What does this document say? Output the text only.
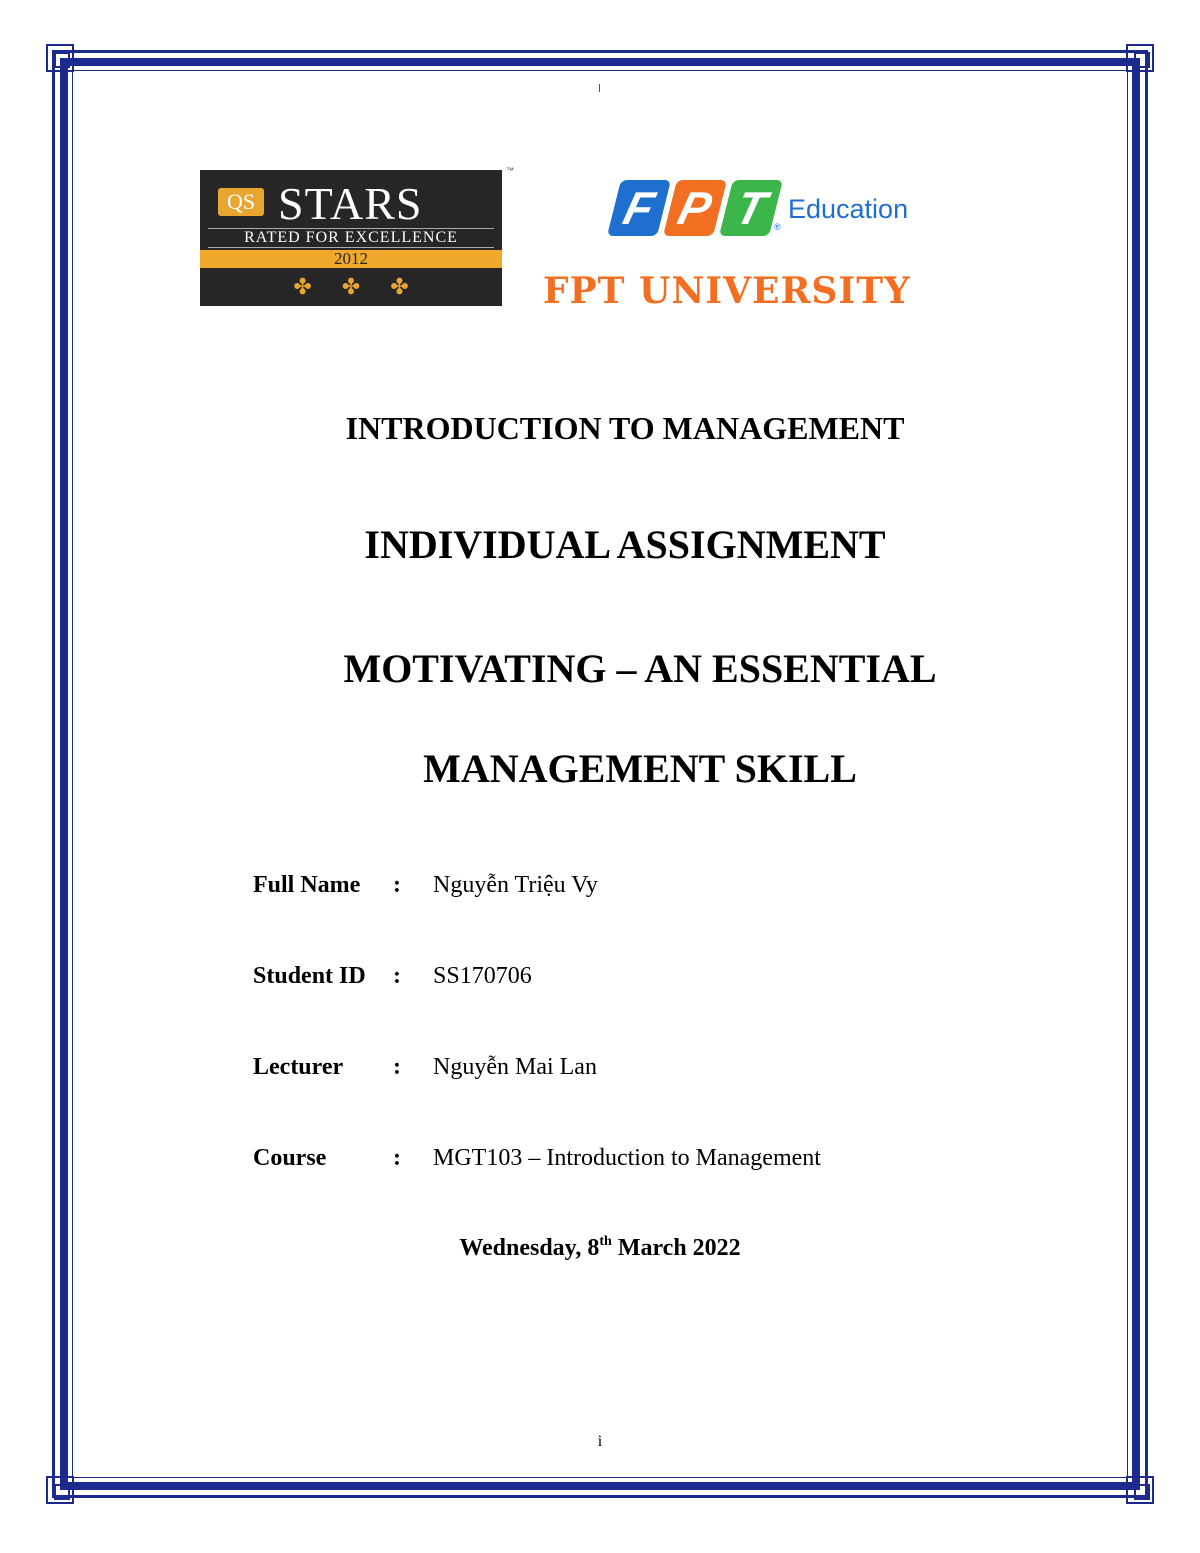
QS STARS
RATED FOR EXCELLENCE
2012
✤✤✤
™
F P T ®
Education
FPT UNIVERSITY
INTRODUCTION TO MANAGEMENT
INDIVIDUAL ASSIGNMENT
MOTIVATING – AN ESSENTIAL
MANAGEMENT SKILL
Full Name : Nguyễn Triệu Vy
Student ID : SS170706
Lecturer : Nguyễn Mai Lan
Course	: MGT103 – Introduction to Management
Wednesday, 8th March 2022
i
